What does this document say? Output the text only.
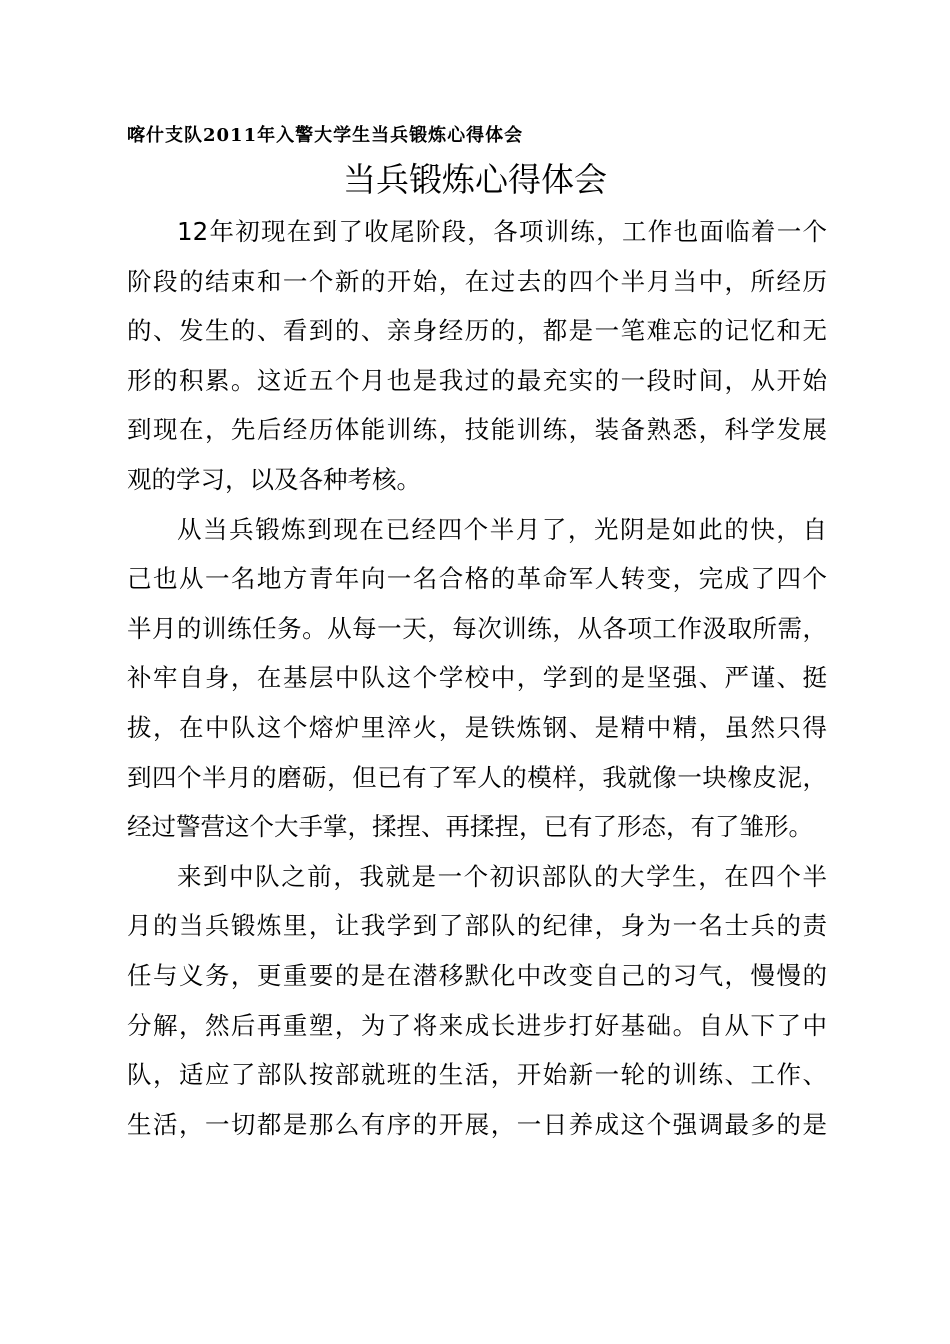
喀什支队2011年入警大学生当兵锻炼心得体会
当兵锻炼心得体会
12年初现在到了收尾阶段，各项训练，工作也面临着一个
阶段的结束和一个新的开始，在过去的四个半月当中，所经历
的、发生的、看到的、亲身经历的，都是一笔难忘的记忆和无
形的积累。这近五个月也是我过的最充实的一段时间，从开始
到现在，先后经历体能训练，技能训练，装备熟悉，科学发展
观的学习，以及各种考核。
从当兵锻炼到现在已经四个半月了，光阴是如此的快，自
己也从一名地方青年向一名合格的革命军人转变，完成了四个
半月的训练任务。从每一天，每次训练，从各项工作汲取所需，
补牢自身，在基层中队这个学校中，学到的是坚强、严谨、挺
拔，在中队这个熔炉里淬火，是铁炼钢、是精中精，虽然只得
到四个半月的磨砺，但已有了军人的模样，我就像一块橡皮泥，
经过警营这个大手掌，揉捏、再揉捏，已有了形态，有了雏形。
来到中队之前，我就是一个初识部队的大学生，在四个半
月的当兵锻炼里，让我学到了部队的纪律，身为一名士兵的责
任与义务，更重要的是在潜移默化中改变自己的习气，慢慢的
分解，然后再重塑，为了将来成长进步打好基础。自从下了中
队，适应了部队按部就班的生活，开始新一轮的训练、工作、
生活，一切都是那么有序的开展，一日养成这个强调最多的是
